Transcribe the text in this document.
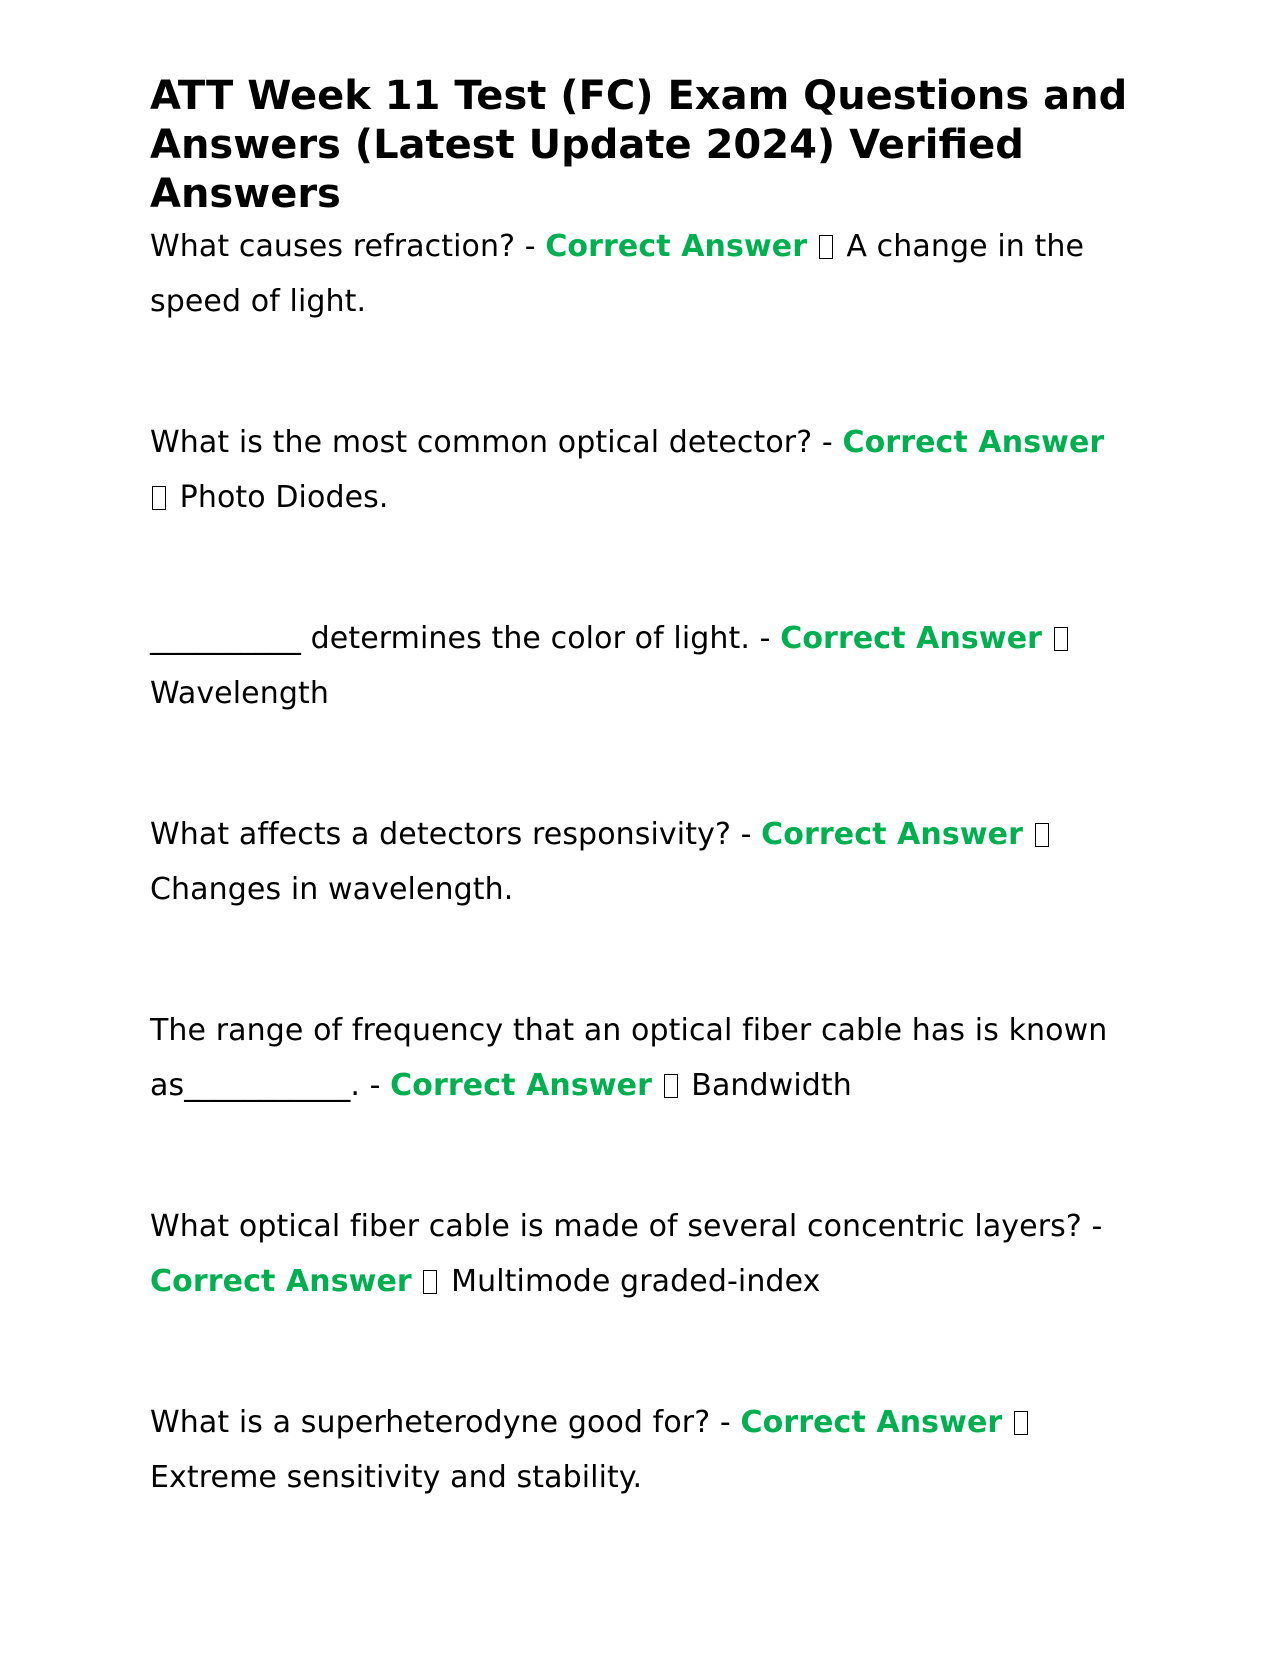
ATT Week 11 Test (FC) Exam Questions and Answers (Latest Update 2024) Verified Answers

What causes refraction? - Correct Answer A change in the speed of light.

What is the most common optical detector? - Correct Answer  Photo Diodes.

__________ determines the color of light. - Correct Answer  Wavelength

What affects a detectors responsivity? - Correct Answer  Changes in wavelength.

The range of frequency that an optical fiber cable has is known as___________. - Correct Answer Bandwidth

What optical fiber cable is made of several concentric layers? - Correct Answer Multimode graded-index

What is a superheterodyne good for? - Correct Answer  Extreme sensitivity and stability.
